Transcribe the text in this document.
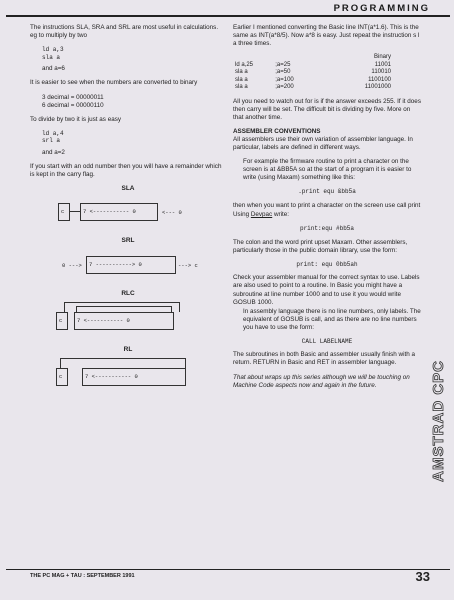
PROGRAMMING

The instructions SLA, SRA and SRL are most useful in calculations. eg to multiply by two

ld a,3
sla a

and a=6

It is easier to see when the numbers are converted to binary

3 decimal = 00000011

6 decimal = 00000110

To divide by two it is just as easy

ld a,4
srl a

and a=2

If you start with an odd number then you will have a remainder which is kept in the carry flag.

SLA
c	7 <----------- 0	<--- 0
SRL
0 --->	7 -----------> 0	---> c
RLC
c	7 <----------- 0
RL
c	7 <----------- 0

Earlier I mentioned converting the Basic line INT(a*1.6). This is the same as INT(a*8/5). Now a*8 is easy. Just repeat the instruction s l a three times.

Binary
ld a,25	;a=25	11001
sla a	;a=50	110010
sla a	;a=100	1100100
sla a	;a=200	11001000

All you need to watch out for is if the answer exceeds 255. If it does then carry will be set. The difficult bit is dividing by five. More on that another time.

ASSEMBLER CONVENTIONS

All assemblers use their own variation of assembler language. In particular, labels are defined in different ways.

For example the firmware routine to print a character on the screen is at &BB5A so at the start of a program it is easier to write (using Maxam) something like this:

.print equ &bb5a

then when you want to print a character on the screen use call print

Using Devpac write:

print:equ #bb5a

The colon and the word print upset Maxam. Other assemblers, particularly those in the public domain library, use the form:

print: equ 0bb5ah

Check your assembler manual for the correct syntax to use. Labels are also used to point to a routine. In Basic you might have a subroutine at line number 1000 and to use it you would write GOSUB 1000.

In assembly language there is no line numbers, only labels. The equivalent of GOSUB is call, and as there are no line numbers you have to use the form:

CALL LABELNAME

The subroutines in both Basic and assembler usually finish with a return. RETURN in Basic and RET in assembler language.

That about wraps up this series although we will be touching on Machine Code aspects now and again in the future.	AMSTRAD CPC
THE PC MAG + TAU : SEPTEMBER 1991	33
